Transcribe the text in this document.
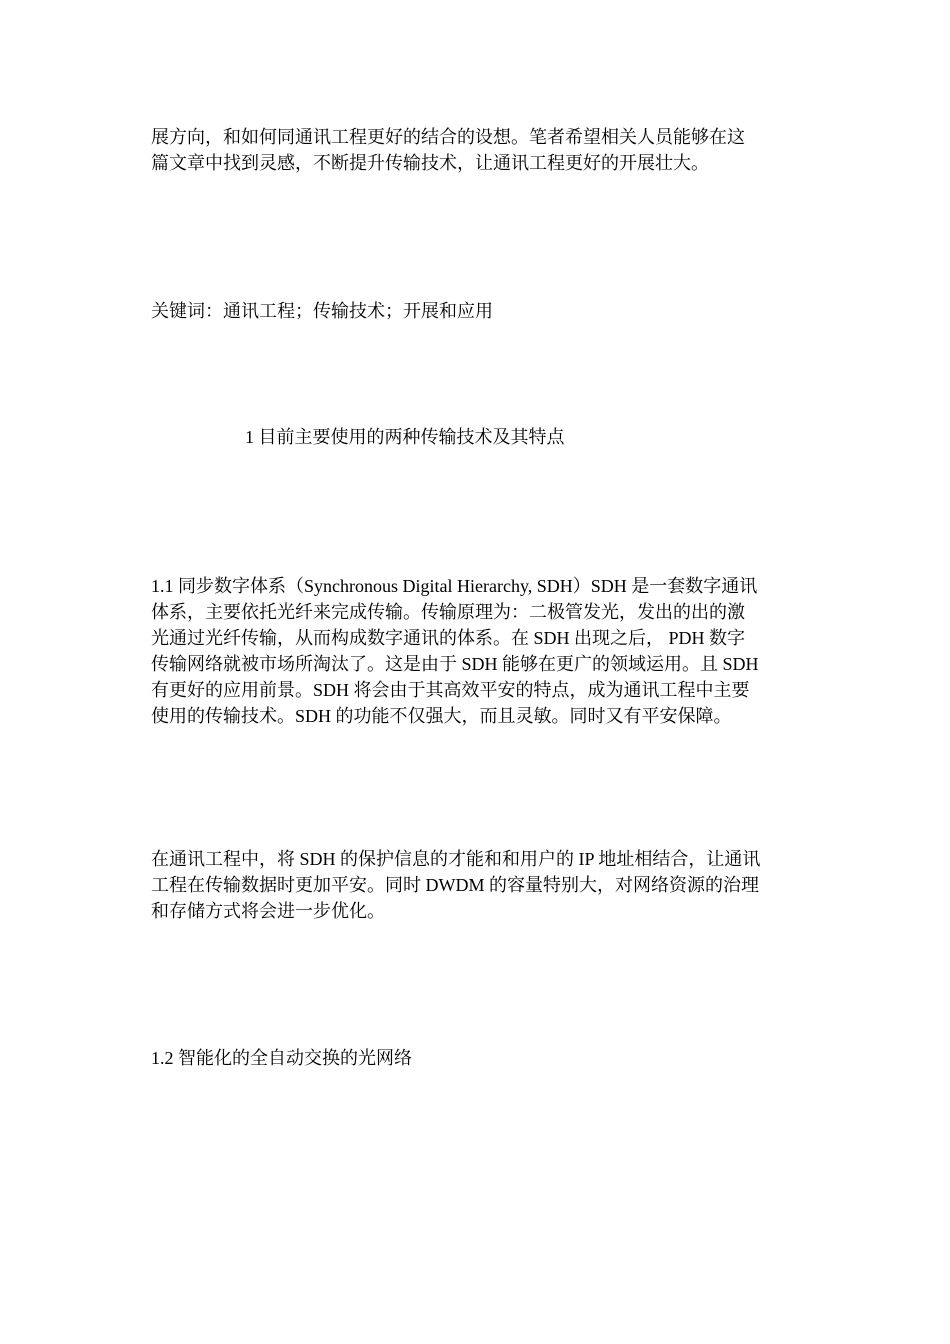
展方向，和如何同通讯工程更好的结合的设想。笔者希望相关人员能够在这
篇文章中找到灵感，不断提升传输技术，让通讯工程更好的开展壮大。

关键词：通讯工程；传输技术；开展和应用

1 目前主要使用的两种传输技术及其特点

1.1 同步数字体系（Synchronous Digital Hierarchy, SDH）SDH 是一套数字通讯
体系，主要依托光纤来完成传输。传输原理为：二极管发光，发出的出的激
光通过光纤传输，从而构成数字通讯的体系。在 SDH 出现之后， PDH 数字
传输网络就被市场所淘汰了。这是由于 SDH 能够在更广的领域运用。且 SDH
有更好的应用前景。SDH 将会由于其高效平安的特点，成为通讯工程中主要
使用的传输技术。SDH 的功能不仅强大，而且灵敏。同时又有平安保障。

在通讯工程中，将 SDH 的保护信息的才能和和用户的 IP 地址相结合，让通讯
工程在传输数据时更加平安。同时 DWDM 的容量特别大，对网络资源的治理
和存储方式将会进一步优化。

1.2 智能化的全自动交换的光网络
